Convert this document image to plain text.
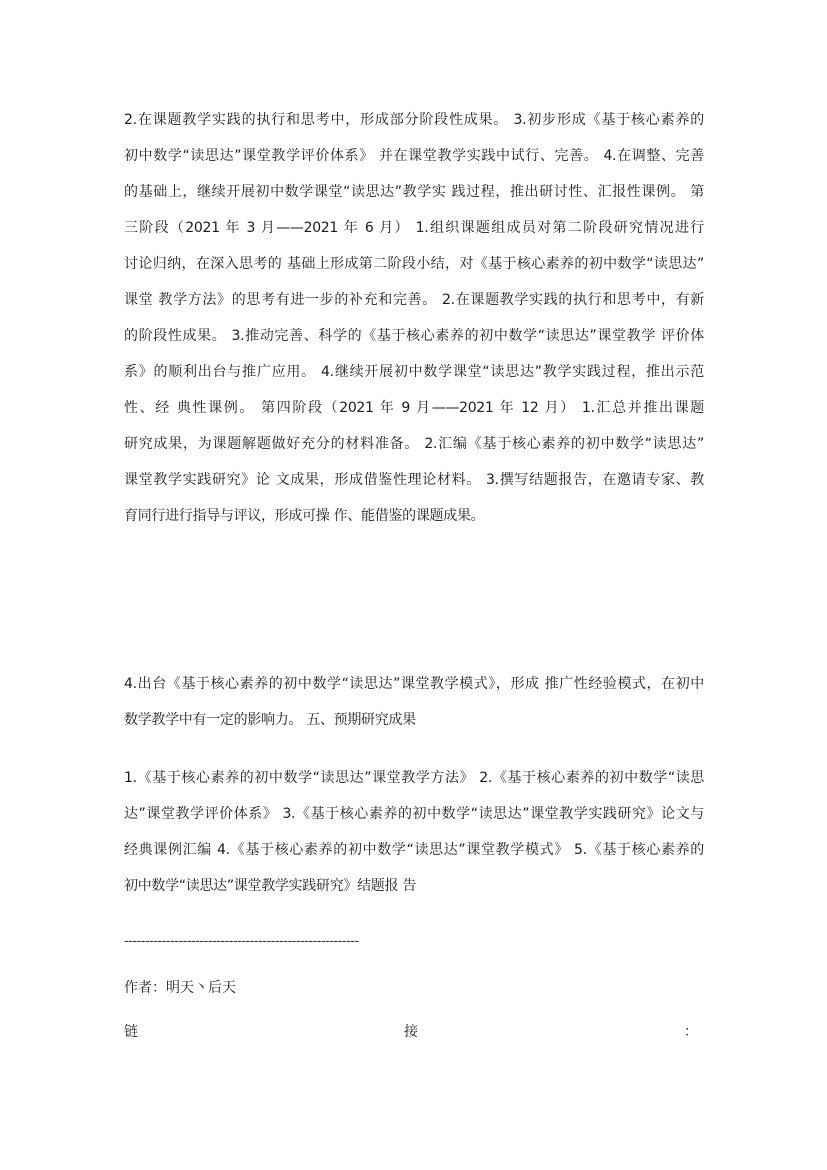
2.在课题教学实践的执行和思考中，形成部分阶段性成果。 3.初步形成《基于核心素养的
初中数学“读思达”课堂教学评价体系》 并在课堂教学实践中试行、完善。 4.在调整、完善
的基础上，继续开展初中数学课堂“读思达”教学实 践过程，推出研讨性、汇报性课例。 第
三阶段（2021 年 3 月——2021 年 6 月） 1.组织课题组成员对第二阶段研究情况进行
讨论归纳，在深入思考的 基础上形成第二阶段小结，对《基于核心素养的初中数学“读思达”
课堂 教学方法》的思考有进一步的补充和完善。 2.在课题教学实践的执行和思考中，有新
的阶段性成果。 3.推动完善、科学的《基于核心素养的初中数学“读思达”课堂教学 评价体
系》的顺利出台与推广应用。 4.继续开展初中数学课堂“读思达”教学实践过程，推出示范
性、经 典性课例。 第四阶段（2021 年 9 月——2021 年 12 月） 1.汇总并推出课题
研究成果，为课题解题做好充分的材料准备。 2.汇编《基于核心素养的初中数学“读思达”
课堂教学实践研究》论 文成果，形成借鉴性理论材料。 3.撰写结题报告，在邀请专家、教
育同行进行指导与评议，形成可操 作、能借鉴的课题成果。
4.出台《基于核心素养的初中数学“读思达”课堂教学模式》，形成 推广性经验模式，在初中
数学教学中有一定的影响力。 五、预期研究成果
1.《基于核心素养的初中数学“读思达”课堂教学方法》 2.《基于核心素养的初中数学“读思
达”课堂教学评价体系》 3.《基于核心素养的初中数学“读思达”课堂教学实践研究》论文与
经典课例汇编 4.《基于核心素养的初中数学“读思达”课堂教学模式》 5.《基于核心素养的
初中数学“读思达”课堂教学实践研究》结题报 告
--------------------------------------------------------
作者：明天丶后天
链	接	：
